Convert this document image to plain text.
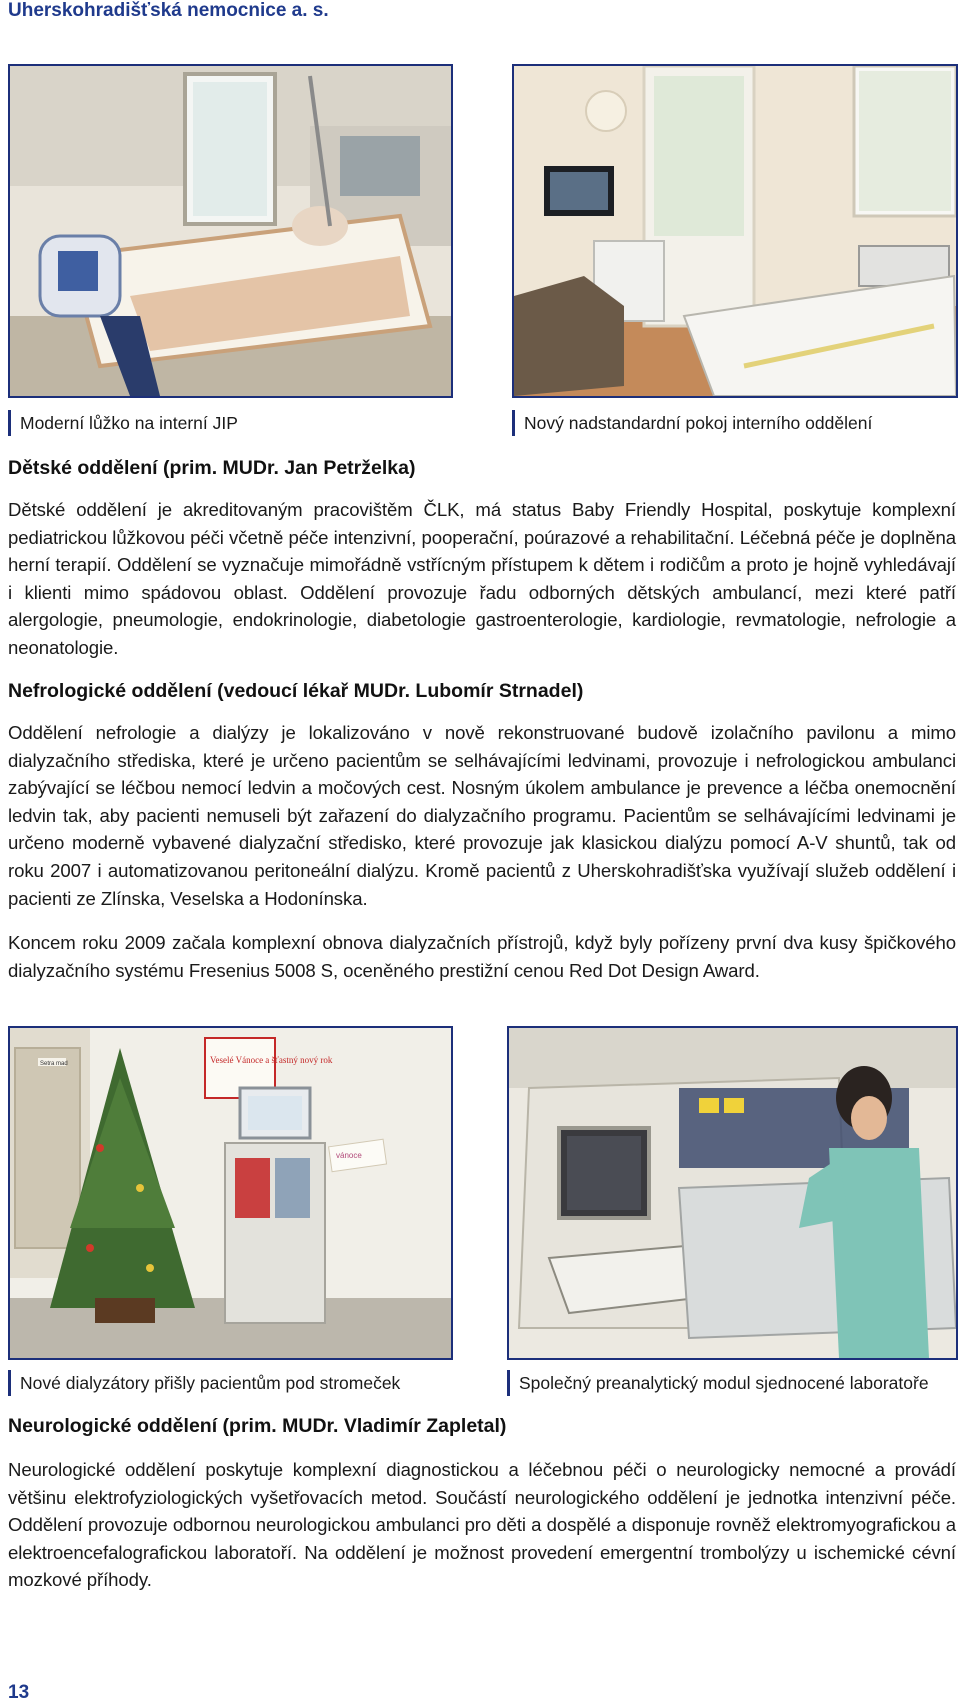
Uherskohradišťská nemocnice a. s.
Moderní lůžko na interní JIP	Nový nadstandardní pokoj interního oddělení
Dětské oddělení (prim. MUDr. Jan Petrželka)
Dětské oddělení je akreditovaným pracovištěm ČLK, má status Baby Friendly Hospital, poskytuje komplexní pediatrickou lůžkovou péči včetně péče intenzivní, pooperační, poúrazové a rehabilitační. Léčebná péče je doplněna herní terapií. Oddělení se vyznačuje mimořádně vstřícným přístupem k dětem i rodičům a proto je hojně vyhledávají i klienti mimo spádovou oblast. Oddělení provozuje řadu odborných dětských ambulancí, mezi které patří alergologie, pneumologie, endokrinologie, diabetologie gastroenterologie, kardiologie, revmatologie, nefrologie a neonatologie.
Nefrologické oddělení (vedoucí lékař MUDr. Lubomír Strnadel)
Oddělení nefrologie a dialýzy je lokalizováno v nově rekonstruované budově izolačního pavilonu a mimo dialyzačního střediska, které je určeno pacientům se selhávajícími ledvinami, provozuje i nefrologickou ambulanci zabývající se léčbou nemocí ledvin a močových cest. Nosným úkolem ambulance je prevence a léčba onemocnění ledvin tak, aby pacienti nemuseli být zařazení do dialyzačního programu. Pacientům se selhávajícími ledvinami je určeno moderně vybavené dialyzační středisko, které provozuje jak klasickou dialýzu pomocí A-V shuntů, tak od roku 2007 i automatizovanou peritoneální dialýzu. Kromě pacientů z Uherskohradišťska využívají služeb oddělení i pacienti ze Zlínska, Veselska a Hodonínska.
Koncem roku 2009 začala komplexní obnova dialyzačních přístrojů, když byly pořízeny první dva kusy špičkového dialyzačního systému Fresenius 5008 S, oceněného prestižní cenou Red Dot Design Award.
Setra mad	Veselé Vánoce a šťastný nový rok
vánoce
Nové dialyzátory přišly pacientům pod stromeček	Společný preanalytický modul sjednocené laboratoře
Neurologické oddělení (prim. MUDr. Vladimír Zapletal)
Neurologické oddělení poskytuje komplexní diagnostickou a léčebnou péči o neurologicky nemocné a provádí většinu elektrofyziologických vyšetřovacích metod. Součástí neurologického oddělení je jednotka intenzivní péče. Oddělení provozuje odbornou neurologickou ambulanci pro děti a dospělé a disponuje rovněž elektromyografickou a elektroencefalografickou laboratoří. Na oddělení je možnost provedení emergentní trombolýzy u ischemické cévní mozkové příhody.
13
